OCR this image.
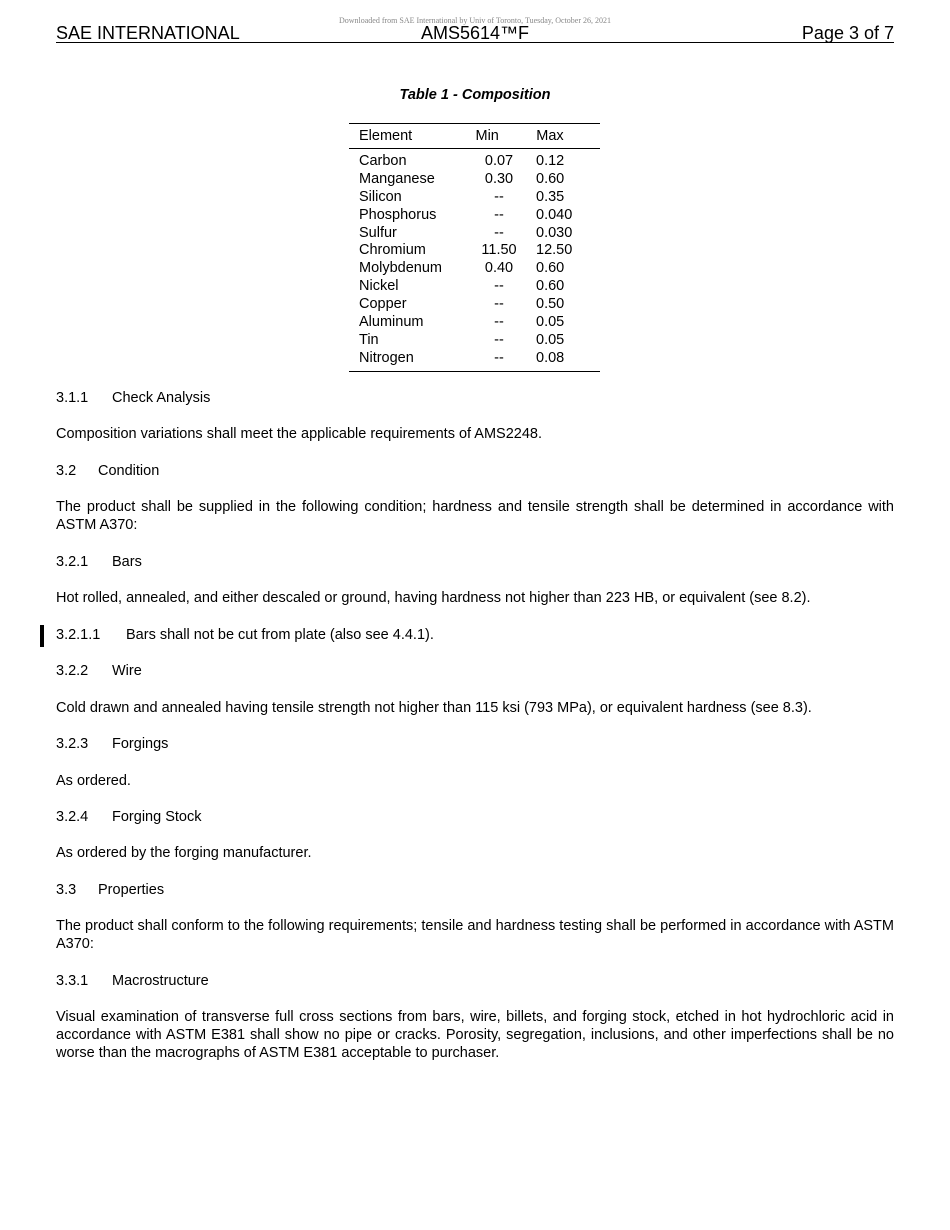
Downloaded from SAE International by Univ of Toronto, Tuesday, October 26, 2021
SAE INTERNATIONAL	AMS5614™F	Page 3 of 7
Table 1 - Composition
Element	Min	Max
Carbon	0.07	0.12
Manganese	0.30	0.60
Silicon	--	0.35
Phosphorus	--	0.040
Sulfur	--	0.030
Chromium	11.50	12.50
Molybdenum	0.40	0.60
Nickel	--	0.60
Copper	--	0.50
Aluminum	--	0.05
Tin	--	0.05
Nitrogen	--	0.08
3.1.1 Check Analysis
Composition variations shall meet the applicable requirements of AMS2248.
3.2 Condition
The product shall be supplied in the following condition; hardness and tensile strength shall be determined in accordance with ASTM A370:
3.2.1 Bars
Hot rolled, annealed, and either descaled or ground, having hardness not higher than 223 HB, or equivalent (see 8.2).
3.2.1.1 Bars shall not be cut from plate (also see 4.4.1).
3.2.2 Wire
Cold drawn and annealed having tensile strength not higher than 115 ksi (793 MPa), or equivalent hardness (see 8.3).
3.2.3 Forgings
As ordered.
3.2.4 Forging Stock
As ordered by the forging manufacturer.
3.3 Properties
The product shall conform to the following requirements; tensile and hardness testing shall be performed in accordance with ASTM A370:
3.3.1 Macrostructure
Visual examination of transverse full cross sections from bars, wire, billets, and forging stock, etched in hot hydrochloric acid in accordance with ASTM E381 shall show no pipe or cracks. Porosity, segregation, inclusions, and other imperfections shall be no worse than the macrographs of ASTM E381 acceptable to purchaser.
